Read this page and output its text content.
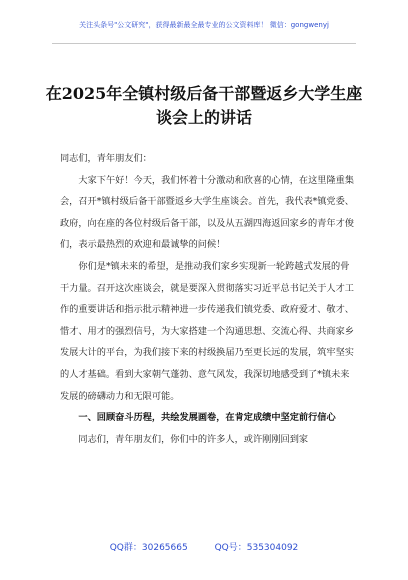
关注头条号"公文研究"，获得最新最全最专业的公文资料库！ 微信：gongwenyj
在2025年全镇村级后备干部暨返乡大学生座谈会上的讲话

同志们，青年朋友们：

大家下午好！今天，我们怀着十分激动和欣喜的心情，在这里隆重集会，召开*镇村级后备干部暨返乡大学生座谈会。首先，我代表*镇党委、政府，向在座的各位村级后备干部，以及从五湖四海返回家乡的青年才俊们，表示最热烈的欢迎和最诚挚的问候！

你们是*镇未来的希望，是推动我们家乡实现新一轮跨越式发展的骨干力量。召开这次座谈会，就是要深入贯彻落实习近平总书记关于人才工作的重要讲话和指示批示精神进一步传递我们镇党委、政府爱才、敬才、惜才、用才的强烈信号，为大家搭建一个沟通思想、交流心得、共商家乡发展大计的平台，为我们接下来的村级换届乃至更长远的发展，筑牢坚实的人才基础。看到大家朝气蓬勃、意气风发，我深切地感受到了*镇未来发展的磅礴动力和无限可能。

一、回顾奋斗历程，共绘发展画卷，在肯定成绩中坚定前行信心

同志们，青年朋友们，你们中的许多人，或许刚刚回到家

QQ群：30265665	QQ号：535304092
